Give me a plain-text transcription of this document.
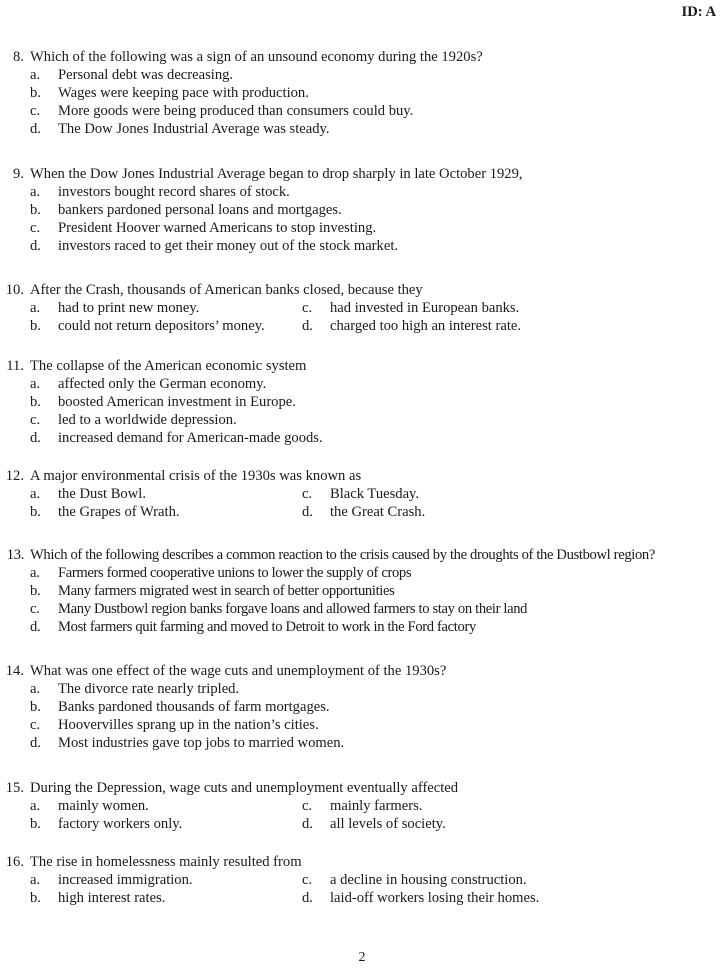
ID: A
8. Which of the following was a sign of an unsound economy during the 1920s?
a. Personal debt was decreasing.
b. Wages were keeping pace with production.
c. More goods were being produced than consumers could buy.
d. The Dow Jones Industrial Average was steady.
9. When the Dow Jones Industrial Average began to drop sharply in late October 1929,
a. investors bought record shares of stock.
b. bankers pardoned personal loans and mortgages.
c. President Hoover warned Americans to stop investing.
d. investors raced to get their money out of the stock market.
10. After the Crash, thousands of American banks closed, because they
a. had to print new money.	c. had invested in European banks.
b. could not return depositors’ money.	d. charged too high an interest rate.
11. The collapse of the American economic system
a. affected only the German economy.
b. boosted American investment in Europe.
c. led to a worldwide depression.
d. increased demand for American-made goods.
12. A major environmental crisis of the 1930s was known as
a. the Dust Bowl.	c. Black Tuesday.
b. the Grapes of Wrath.	d. the Great Crash.
13. Which of the following describes a common reaction to the crisis caused by the droughts of the Dustbowl region?
a. Farmers formed cooperative unions to lower the supply of crops
b. Many farmers migrated west in search of better opportunities
c. Many Dustbowl region banks forgave loans and allowed farmers to stay on their land
d. Most farmers quit farming and moved to Detroit to work in the Ford factory
14. What was one effect of the wage cuts and unemployment of the 1930s?
a. The divorce rate nearly tripled.
b. Banks pardoned thousands of farm mortgages.
c. Hoovervilles sprang up in the nation’s cities.
d. Most industries gave top jobs to married women.
15. During the Depression, wage cuts and unemployment eventually affected
a. mainly women.	c. mainly farmers.
b. factory workers only.	d. all levels of society.
16. The rise in homelessness mainly resulted from
a. increased immigration.	c. a decline in housing construction.
b. high interest rates.	d. laid-off workers losing their homes.
2
